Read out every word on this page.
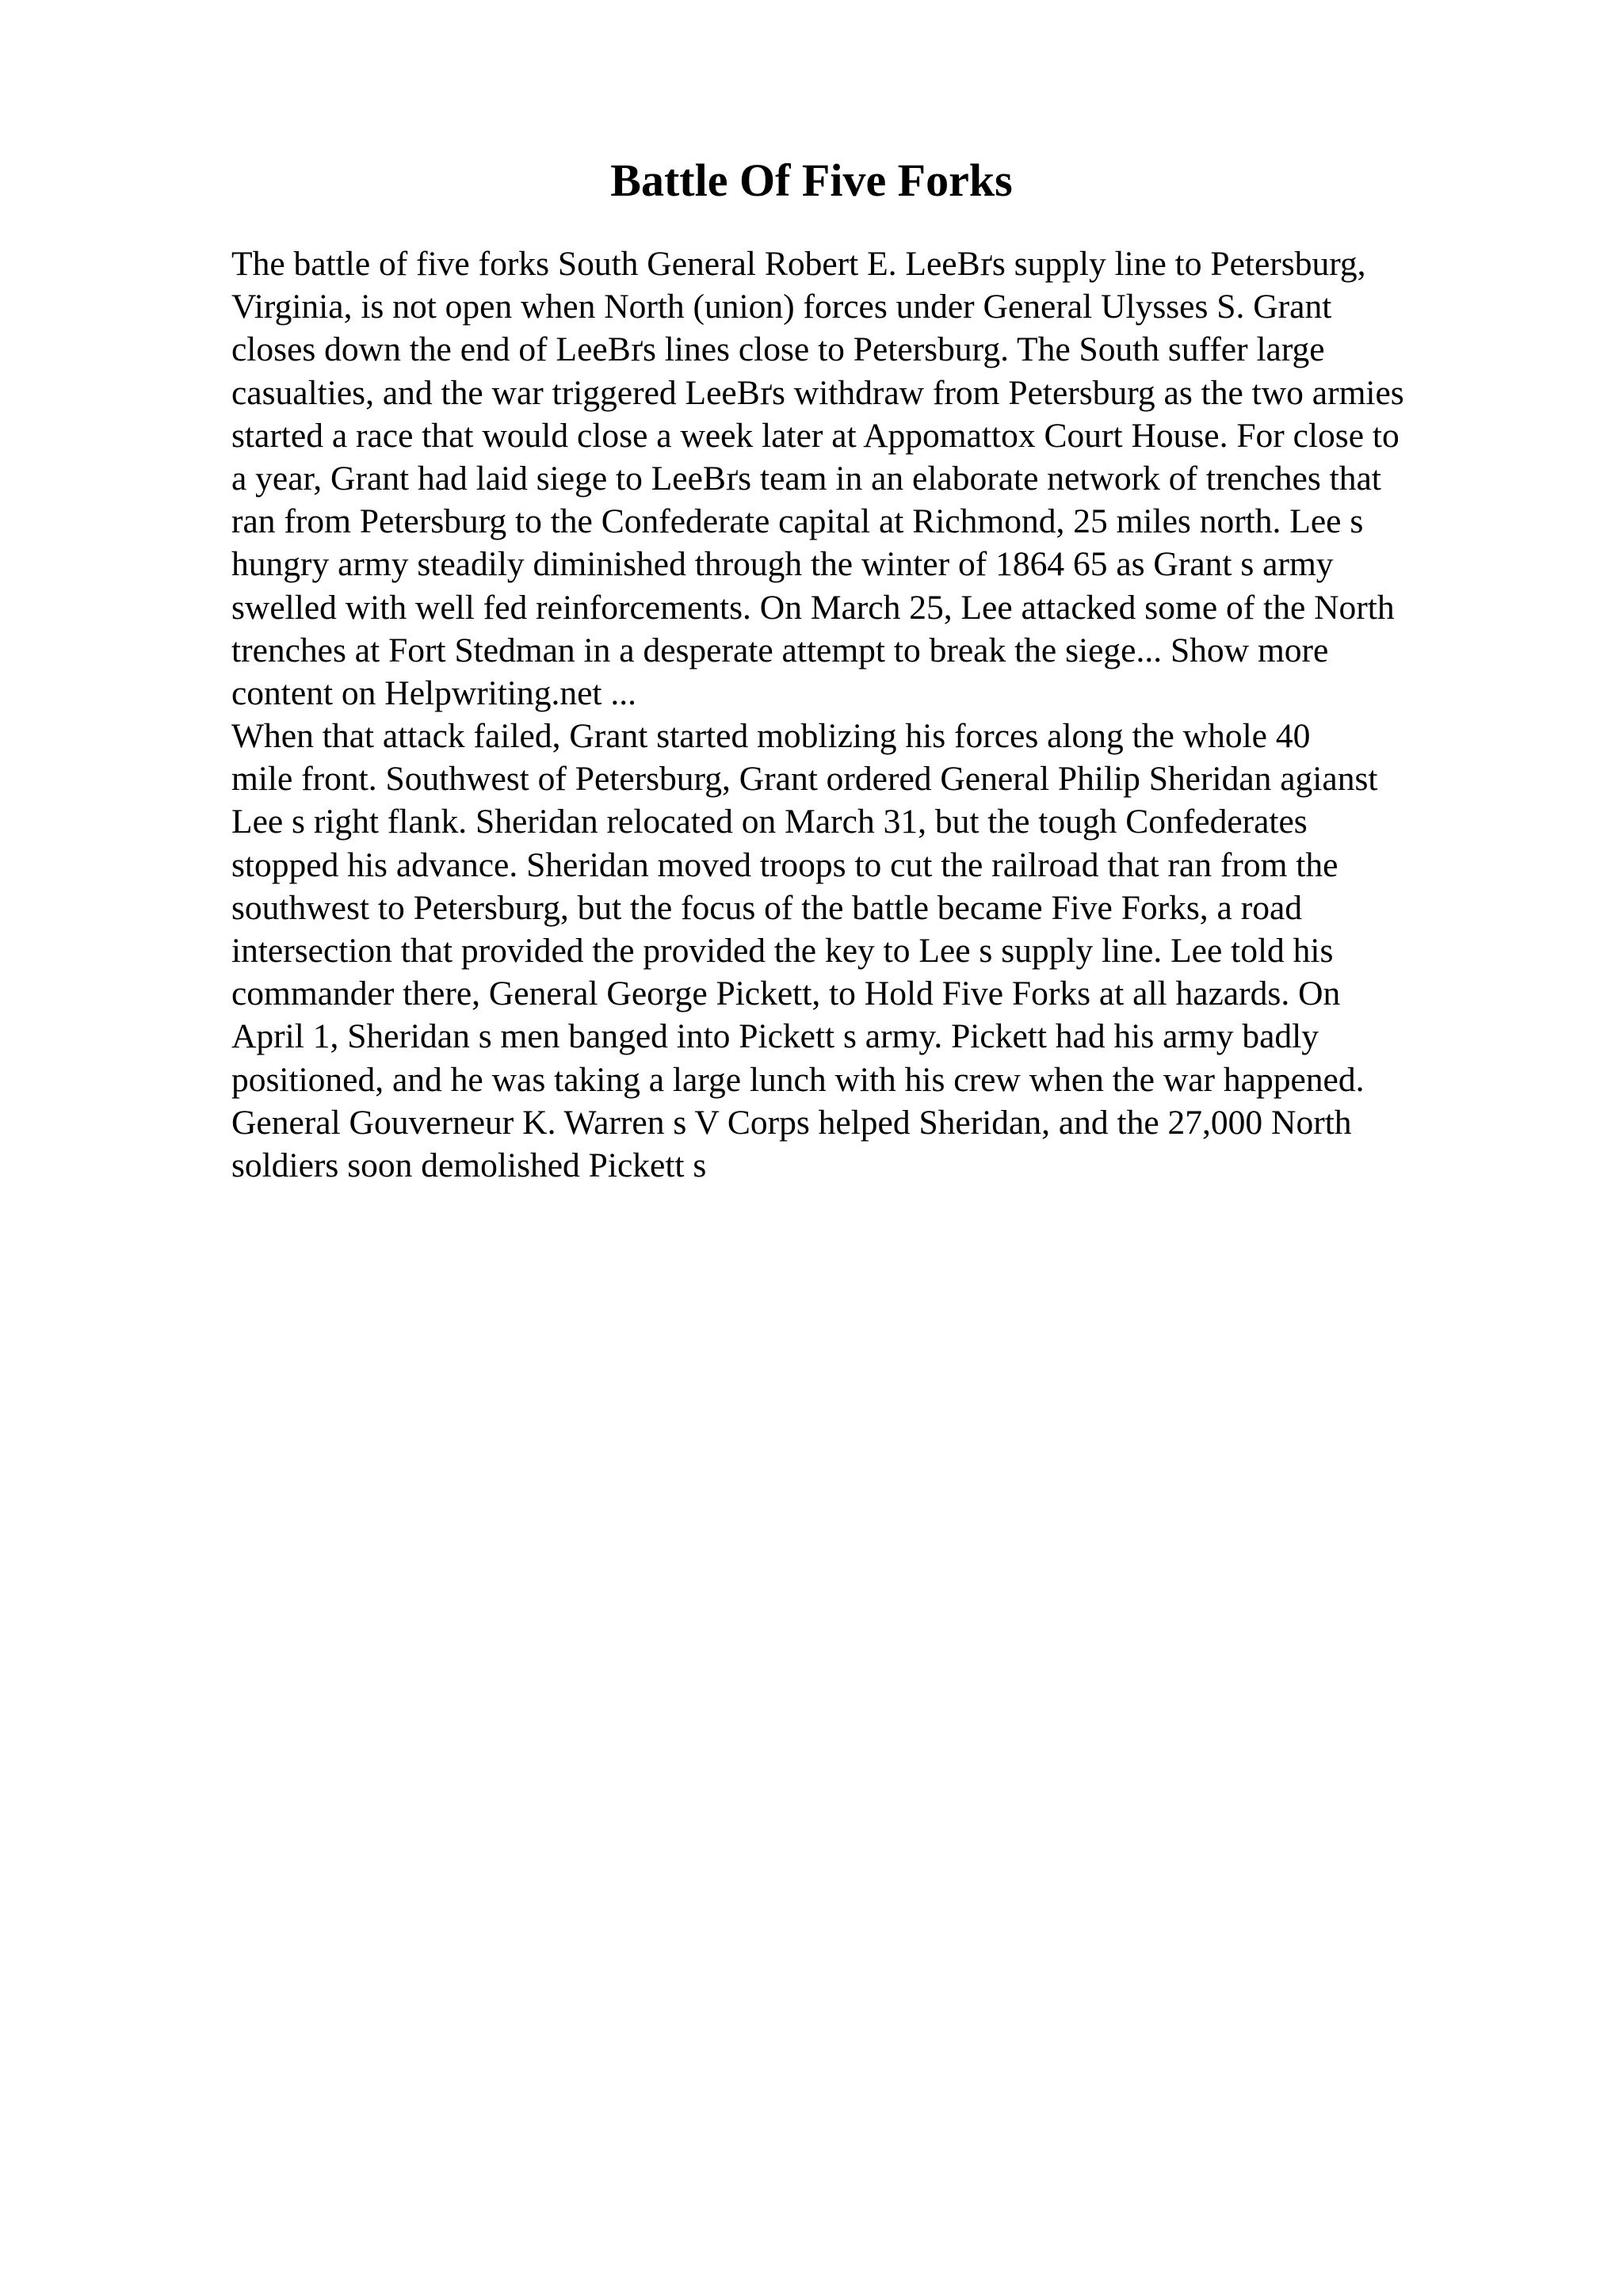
Battle Of Five Forks
The battle of five forks South General Robert E. LeeВґs supply line to Petersburg,
Virginia, is not open when North (union) forces under General Ulysses S. Grant
closes down the end of LeeВґs lines close to Petersburg. The South suffer large
casualties, and the war triggered LeeВґs withdraw from Petersburg as the two armies
started a race that would close a week later at Appomattox Court House. For close to
a year, Grant had laid siege to LeeВґs team in an elaborate network of trenches that
ran from Petersburg to the Confederate capital at Richmond, 25 miles north. Lee s
hungry army steadily diminished through the winter of 1864 65 as Grant s army
swelled with well fed reinforcements. On March 25, Lee attacked some of the North
trenches at Fort Stedman in a desperate attempt to break the siege... Show more
content on Helpwriting.net ...
When that attack failed, Grant started moblizing his forces along the whole 40
mile front. Southwest of Petersburg, Grant ordered General Philip Sheridan agianst
Lee s right flank. Sheridan relocated on March 31, but the tough Confederates
stopped his advance. Sheridan moved troops to cut the railroad that ran from the
southwest to Petersburg, but the focus of the battle became Five Forks, a road
intersection that provided the provided the key to Lee s supply line. Lee told his
commander there, General George Pickett, to Hold Five Forks at all hazards. On
April 1, Sheridan s men banged into Pickett s army. Pickett had his army badly
positioned, and he was taking a large lunch with his crew when the war happened.
General Gouverneur K. Warren s V Corps helped Sheridan, and the 27,000 North
soldiers soon demolished Pickett s
